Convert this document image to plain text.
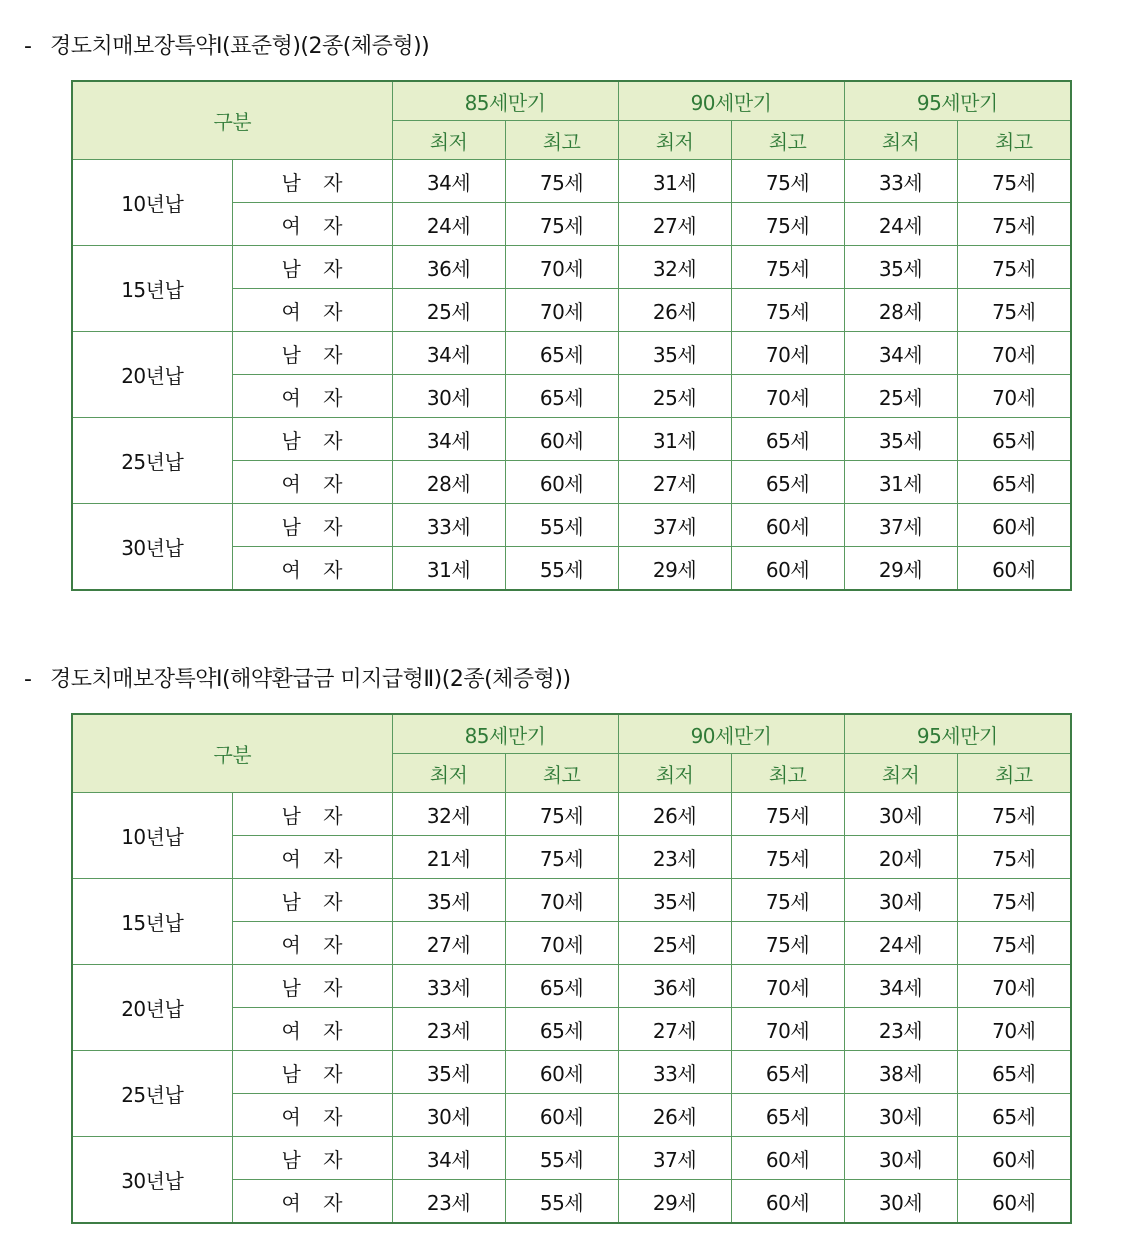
- 경도치매보장특약Ⅰ(표준형)(2종(체증형))
구분		85세만기		90세만기		95세만기	
		최저	최고	최저	최고	최저	최고
10년납	남 자	34세	75세	31세	75세	33세	75세
	여 자	24세	75세	27세	75세	24세	75세
15년납	남 자	36세	70세	32세	75세	35세	75세
	여 자	25세	70세	26세	75세	28세	75세
20년납	남 자	34세	65세	35세	70세	34세	70세
	여 자	30세	65세	25세	70세	25세	70세
25년납	남 자	34세	60세	31세	65세	35세	65세
	여 자	28세	60세	27세	65세	31세	65세
30년납	남 자	33세	55세	37세	60세	37세	60세
	여 자	31세	55세	29세	60세	29세	60세
- 경도치매보장특약Ⅰ(해약환급금 미지급형Ⅱ)(2종(체증형))
구분		85세만기		90세만기		95세만기	
		최저	최고	최저	최고	최저	최고
10년납	남 자	32세	75세	26세	75세	30세	75세
	여 자	21세	75세	23세	75세	20세	75세
15년납	남 자	35세	70세	35세	75세	30세	75세
	여 자	27세	70세	25세	75세	24세	75세
20년납	남 자	33세	65세	36세	70세	34세	70세
	여 자	23세	65세	27세	70세	23세	70세
25년납	남 자	35세	60세	33세	65세	38세	65세
	여 자	30세	60세	26세	65세	30세	65세
30년납	남 자	34세	55세	37세	60세	30세	60세
	여 자	23세	55세	29세	60세	30세	60세
